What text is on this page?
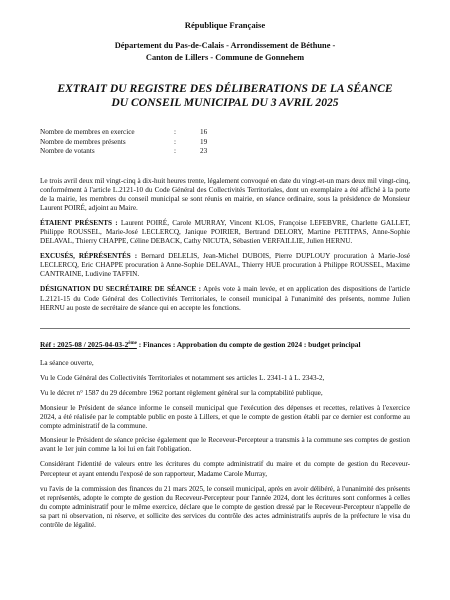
République Française
Département du Pas-de-Calais - Arrondissement de Béthune -
Canton de Lillers - Commune de Gonnehem
EXTRAIT DU REGISTRE DES DÉLIBERATIONS DE LA SÉANCE
DU CONSEIL MUNICIPAL DU 3 AVRIL 2025
Nombre de membres en exercice	:	16
Nombre de membres présents	:	19
Nombre de votants	:	23

Le trois avril deux mil vingt-cinq à dix-huit heures trente, légalement convoqué en date du vingt-et-un mars deux mil vingt-cinq, conformément à l'article L.2121-10 du Code Général des Collectivités Territoriales, dont un exemplaire a été affiché à la porte de la mairie, les membres du conseil municipal se sont réunis en mairie, en séance ordinaire, sous la présidence de Monsieur Laurent POIRÉ, adjoint au Maire.

ÉTAIENT PRÉSENTS : Laurent POIRÉ, Carole MURRAY, Vincent KLOS, Françoise LEFEBVRE, Charlette GALLET, Philippe ROUSSEL, Marie-José LECLERCQ, Janique POIRIER, Bertrand DELORY, Martine PETITPAS, Anne-Sophie DELAVAL, Thierry CHAPPE, Céline DEBACK, Cathy NICUTA, Sébastien VERFAILLIE, Julien HERNU.

EXCUSÉS, RÉPRÉSENTÉS : Bernard DELELIS, Jean-Michel DUBOIS, Pierre DUPLOUY procuration à Marie-José LECLERCQ, Eric CHAPPE procuration à Anne-Sophie DELAVAL, Thierry HUE procuration à Philippe ROUSSEL, Maxime CANTRAINE, Ludivine TAFFIN.

DÉSIGNATION DU SECRÉTAIRE DE SÉANCE : Après vote à main levée, et en application des dispositions de l'article L.2121-15 du Code Général des Collectivités Territoriales, le conseil municipal à l'unanimité des présents, nomme Julien HERNU au poste de secrétaire de séance qui en accepte les fonctions.

Réf : 2025-08 / 2025-04-03-2ème : Finances : Approbation du compte de gestion 2024 : budget principal

La séance ouverte,

Vu le Code Général des Collectivités Territoriales et notamment ses articles L. 2341-1 à L. 2343-2,

Vu le décret n° 1587 du 29 décembre 1962 portant règlement général sur la comptabilité publique,

Monsieur le Président de séance informe le conseil municipal que l'exécution des dépenses et recettes, relatives à l'exercice 2024, a été réalisée par le comptable public en poste à Lillers, et que le compte de gestion établi par ce dernier est conforme au compte administratif de la commune.

Monsieur le Président de séance précise également que le Receveur-Percepteur a transmis à la commune ses comptes de gestion avant le 1er juin comme la loi lui en fait l'obligation.

Considérant l'identité de valeurs entre les écritures du compte administratif du maire et du compte de gestion du Receveur-Percepteur et ayant entendu l'exposé de son rapporteur, Madame Carole Murray,

vu l'avis de la commission des finances du 21 mars 2025, le conseil municipal, après en avoir délibéré, à l'unanimité des présents et représentés, adopte le compte de gestion du Receveur-Percepteur pour l'année 2024, dont les écritures sont conformes à celles du compte administratif pour le même exercice, déclare que le compte de gestion dressé par le Receveur-Percepteur n'appelle de sa part ni observation, ni réserve, et sollicite des services du contrôle des actes administratifs auprès de la préfecture le visa du contrôle de légalité.
